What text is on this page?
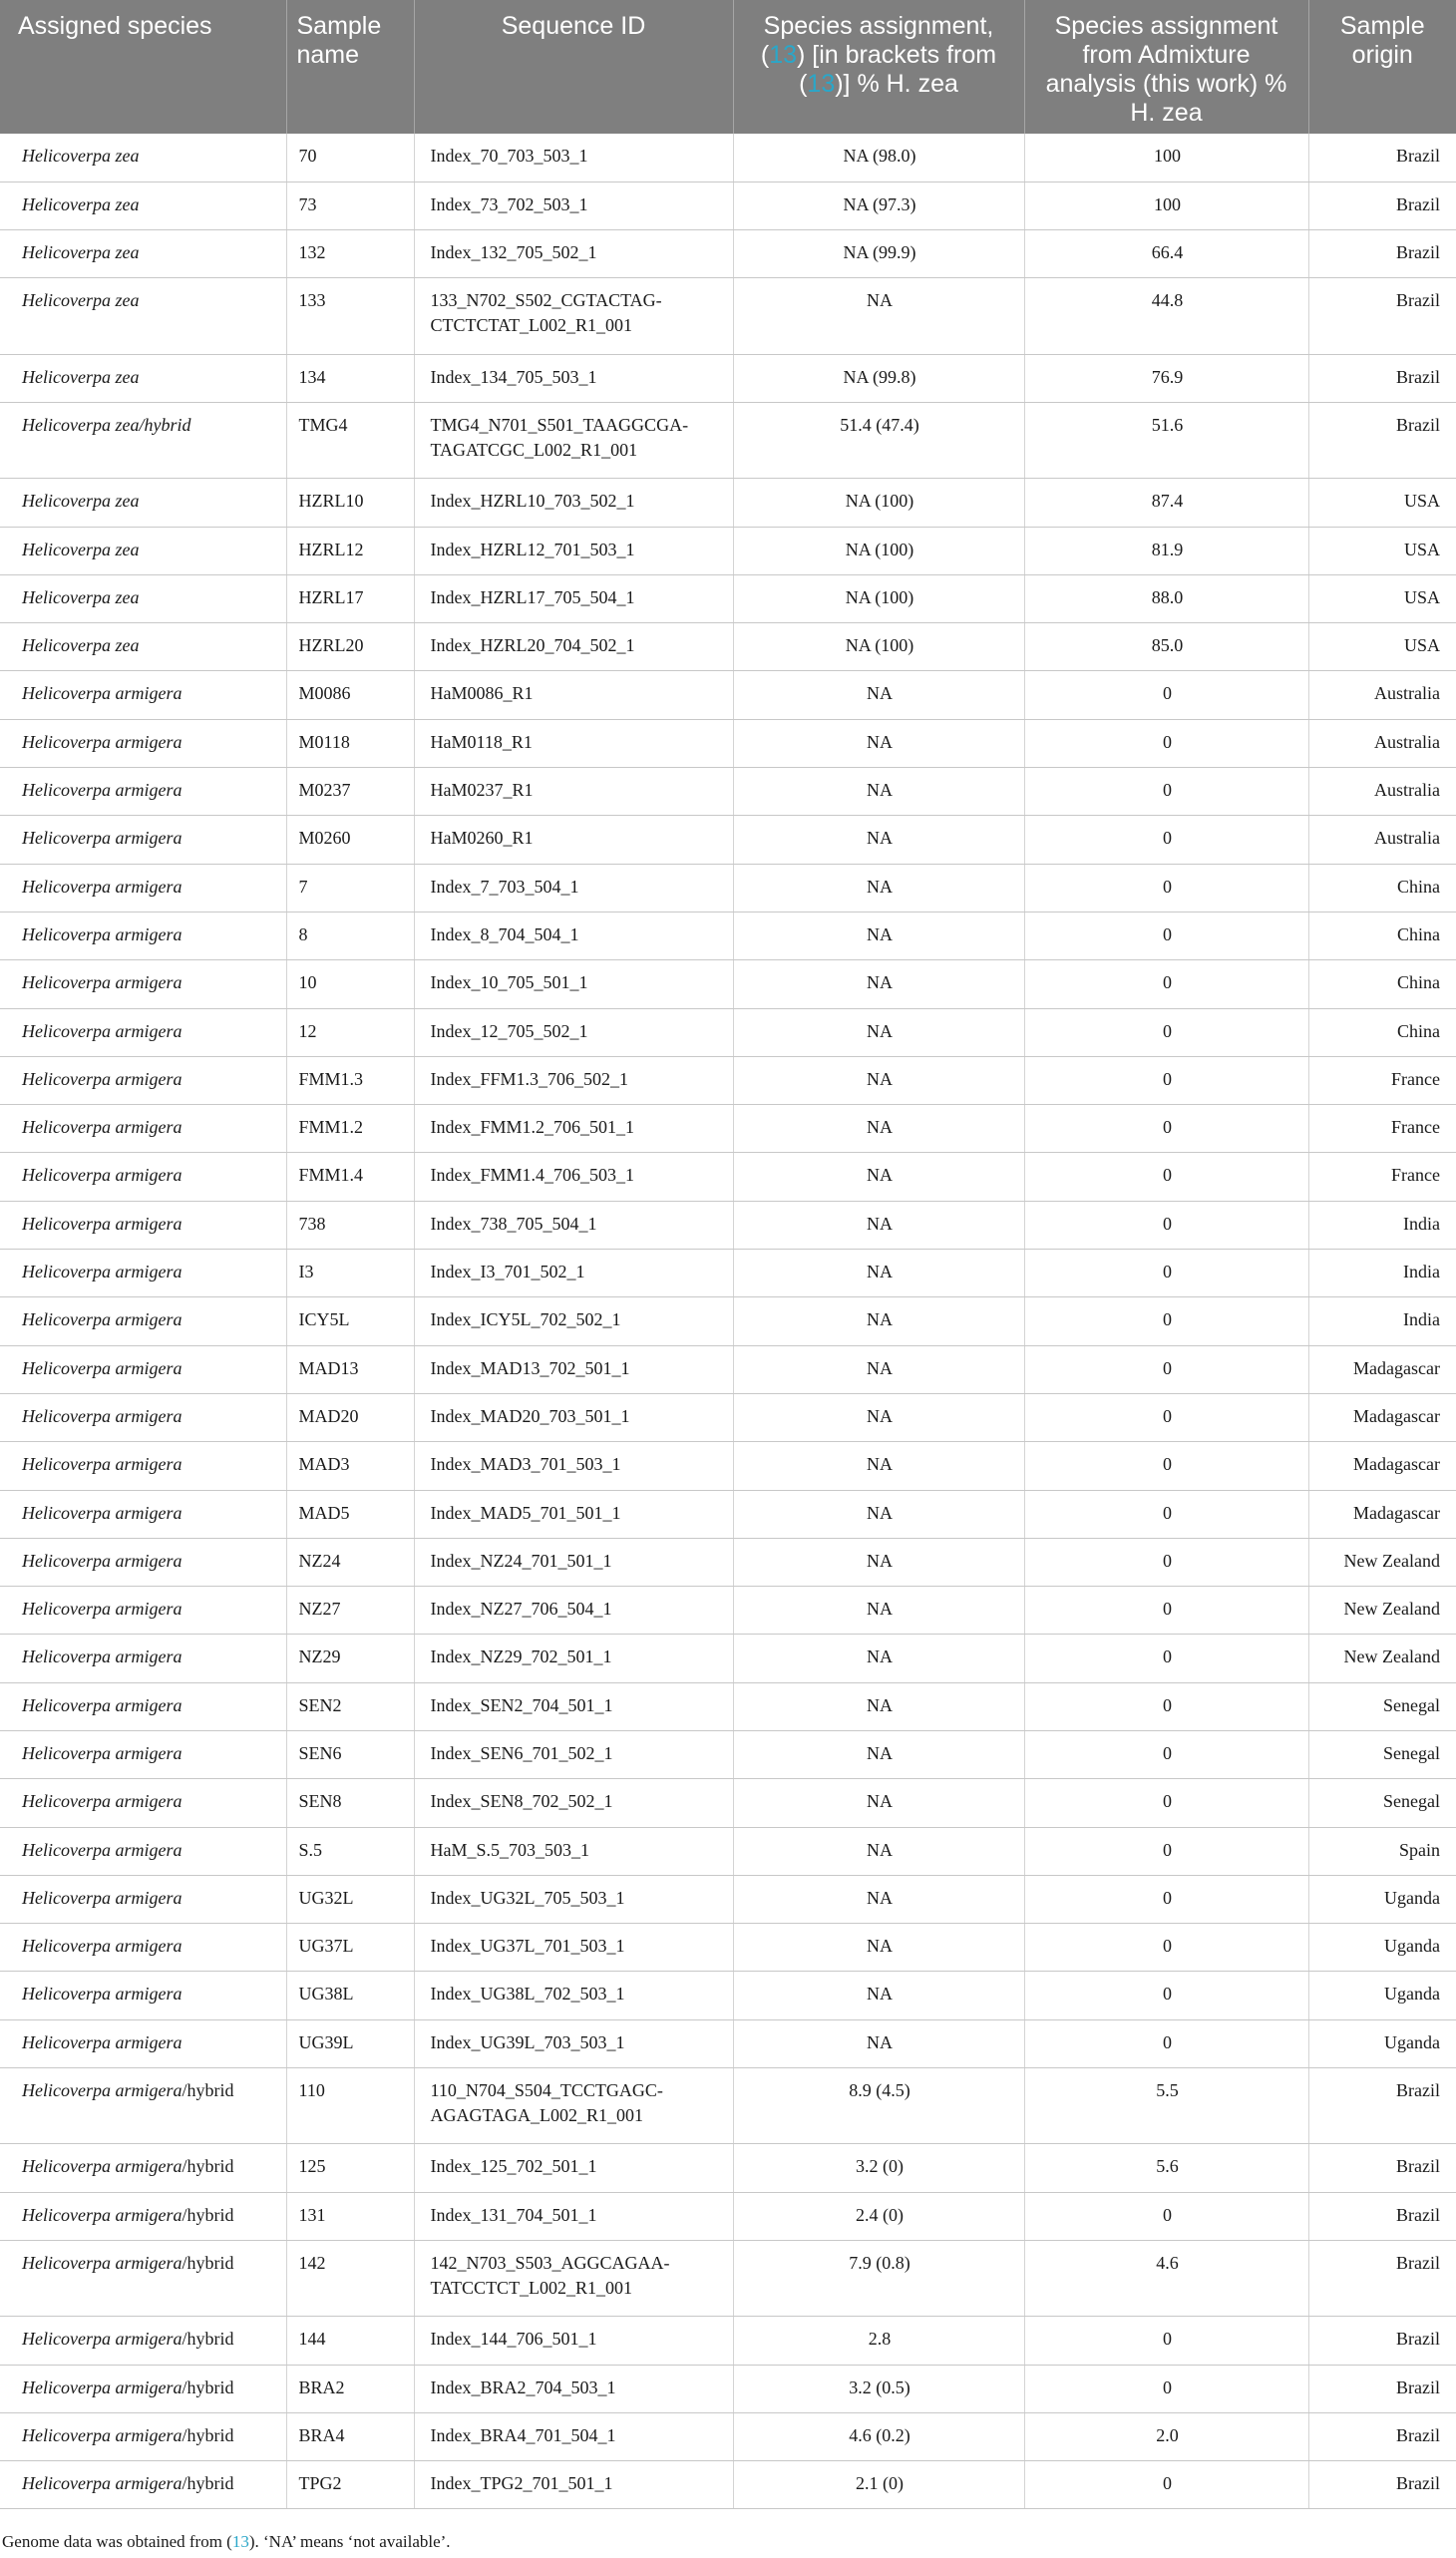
Assigned species	Sample name	Sequence ID	Species assignment, (13) [in brackets from (13)] % H. zea	Species assignment from Admixture analysis (this work) % H. zea	Sample origin
Helicoverpa zea	70	Index_70_703_503_1	NA (98.0)	100	Brazil
Helicoverpa zea	73	Index_73_702_503_1	NA (97.3)	100	Brazil
Helicoverpa zea	132	Index_132_705_502_1	NA (99.9)	66.4	Brazil
Helicoverpa zea	133	133_N702_S502_CGTACTAG-CTCTCTAT_L002_R1_001	NA	44.8	Brazil
Helicoverpa zea	134	Index_134_705_503_1	NA (99.8)	76.9	Brazil
Helicoverpa zea/hybrid	TMG4	TMG4_N701_S501_TAAGGCGA-TAGATCGC_L002_R1_001	51.4 (47.4)	51.6	Brazil
Helicoverpa zea	HZRL10	Index_HZRL10_703_502_1	NA (100)	87.4	USA
Helicoverpa zea	HZRL12	Index_HZRL12_701_503_1	NA (100)	81.9	USA
Helicoverpa zea	HZRL17	Index_HZRL17_705_504_1	NA (100)	88.0	USA
Helicoverpa zea	HZRL20	Index_HZRL20_704_502_1	NA (100)	85.0	USA
Helicoverpa armigera	M0086	HaM0086_R1	NA	0	Australia
Helicoverpa armigera	M0118	HaM0118_R1	NA	0	Australia
Helicoverpa armigera	M0237	HaM0237_R1	NA	0	Australia
Helicoverpa armigera	M0260	HaM0260_R1	NA	0	Australia
Helicoverpa armigera	7	Index_7_703_504_1	NA	0	China
Helicoverpa armigera	8	Index_8_704_504_1	NA	0	China
Helicoverpa armigera	10	Index_10_705_501_1	NA	0	China
Helicoverpa armigera	12	Index_12_705_502_1	NA	0	China
Helicoverpa armigera	FMM1.3	Index_FFM1.3_706_502_1	NA	0	France
Helicoverpa armigera	FMM1.2	Index_FMM1.2_706_501_1	NA	0	France
Helicoverpa armigera	FMM1.4	Index_FMM1.4_706_503_1	NA	0	France
Helicoverpa armigera	738	Index_738_705_504_1	NA	0	India
Helicoverpa armigera	I3	Index_I3_701_502_1	NA	0	India
Helicoverpa armigera	ICY5L	Index_ICY5L_702_502_1	NA	0	India
Helicoverpa armigera	MAD13	Index_MAD13_702_501_1	NA	0	Madagascar
Helicoverpa armigera	MAD20	Index_MAD20_703_501_1	NA	0	Madagascar
Helicoverpa armigera	MAD3	Index_MAD3_701_503_1	NA	0	Madagascar
Helicoverpa armigera	MAD5	Index_MAD5_701_501_1	NA	0	Madagascar
Helicoverpa armigera	NZ24	Index_NZ24_701_501_1	NA	0	New Zealand
Helicoverpa armigera	NZ27	Index_NZ27_706_504_1	NA	0	New Zealand
Helicoverpa armigera	NZ29	Index_NZ29_702_501_1	NA	0	New Zealand
Helicoverpa armigera	SEN2	Index_SEN2_704_501_1	NA	0	Senegal
Helicoverpa armigera	SEN6	Index_SEN6_701_502_1	NA	0	Senegal
Helicoverpa armigera	SEN8	Index_SEN8_702_502_1	NA	0	Senegal
Helicoverpa armigera	S.5	HaM_S.5_703_503_1	NA	0	Spain
Helicoverpa armigera	UG32L	Index_UG32L_705_503_1	NA	0	Uganda
Helicoverpa armigera	UG37L	Index_UG37L_701_503_1	NA	0	Uganda
Helicoverpa armigera	UG38L	Index_UG38L_702_503_1	NA	0	Uganda
Helicoverpa armigera	UG39L	Index_UG39L_703_503_1	NA	0	Uganda
Helicoverpa armigera/hybrid	110	110_N704_S504_TCCTGAGC-AGAGTAGA_L002_R1_001	8.9 (4.5)	5.5	Brazil
Helicoverpa armigera/hybrid	125	Index_125_702_501_1	3.2 (0)	5.6	Brazil
Helicoverpa armigera/hybrid	131	Index_131_704_501_1	2.4 (0)	0	Brazil
Helicoverpa armigera/hybrid	142	142_N703_S503_AGGCAGAA-TATCCTCT_L002_R1_001	7.9 (0.8)	4.6	Brazil
Helicoverpa armigera/hybrid	144	Index_144_706_501_1	2.8	0	Brazil
Helicoverpa armigera/hybrid	BRA2	Index_BRA2_704_503_1	3.2 (0.5)	0	Brazil
Helicoverpa armigera/hybrid	BRA4	Index_BRA4_701_504_1	4.6 (0.2)	2.0	Brazil
Helicoverpa armigera/hybrid	TPG2	Index_TPG2_701_501_1	2.1 (0)	0	Brazil
Genome data was obtained from (13). ‘NA’ means ‘not available’.
